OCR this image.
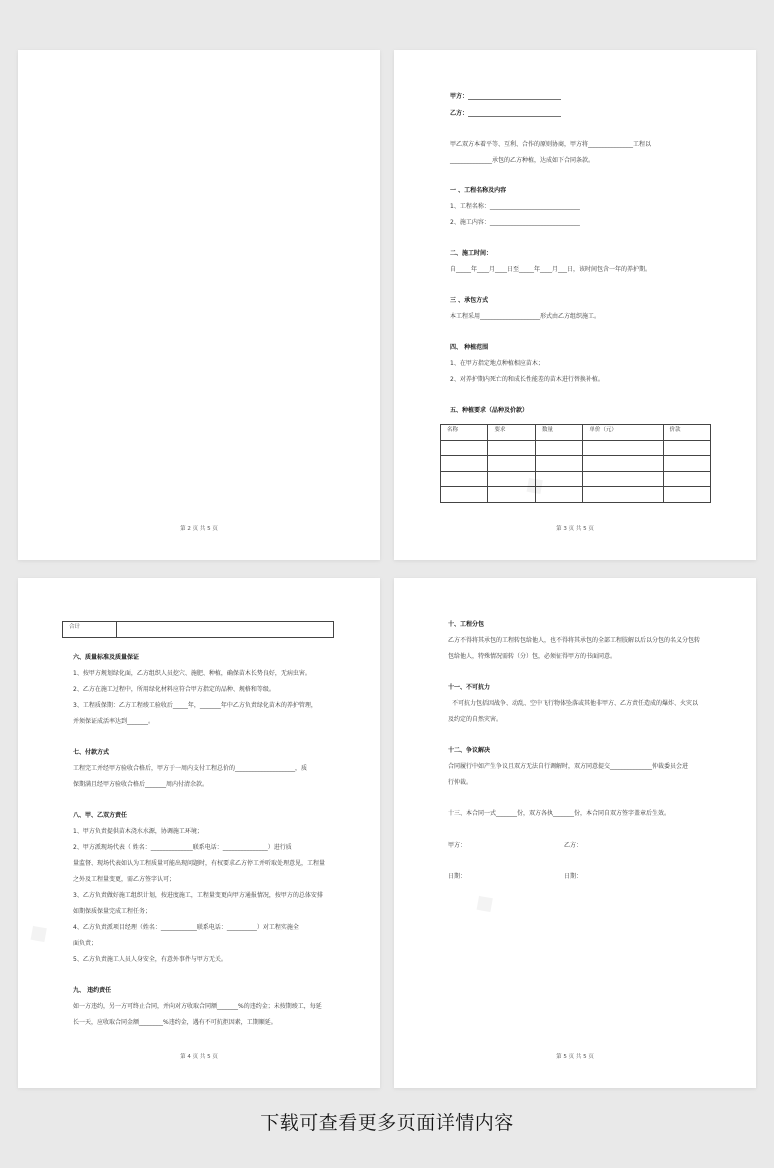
第 2 页 共 5 页
甲方：_______________________________
乙方：_______________________________
甲乙双方本着平等、互利、合作的原则协商，甲方将_______________工程以
______________承包的乙方种植，达成如下合同条款。
一 、工程名称及内容
1、工程名称：______________________________
2、施工内容：______________________________
二、施工时间：
自_____年____月____日至_____年____月___日，该时间包含一年的养护期。
三 、承包方式
本工程采用____________________形式由乙方组织施工。
四、 种植范围
1、在甲方指定地点种植相应苗木；
2、对养护期内死亡的和成长性能差的苗木进行替换补植。
五、种植要求（品种及价款）
名称	要求	数量	单价（元）	价款

第 3 页 共 5 页
合计	
六、质量标准及质量保证
1、按甲方规划绿化面，乙方组织人员挖穴、施肥、种植，确保苗木长势良好，无病虫害。
2、乙方在施工过程中，所用绿化材料应符合甲方指定的品种、规格和等级。
3、工程质保期：乙方工程竣工验收后_____年，_______年中乙方负责绿化苗木的养护管理，
并须保证成活率达到_______。
七、付款方式
工程完工并经甲方验收合格后，甲方于一周内支付工程总价的____________________，质
保期满且经甲方验收合格后_______周内付清余款。
八、甲、乙双方责任
1、甲方负责提供苗木浇水水源，协调施工环境；
2、甲方派现场代表（ 姓名：______________联系电话：_______________）进行质
量监督、现场代表如认为工程质量可能出现问题时，有权要求乙方停工并听取处理意见，工程量
之外及工程量变更，需乙方签字认可；
3、乙方负责做好施工组织计划，按进度施工，工程量变更向甲方通报情况，按甲方的总体安排
如期保质保量完成工程任务；
4、乙方负责派项目经理（姓名：____________联系电话：__________）对工程实施全
面负责；
5、乙方负责施工人员人身安全，有意外事件与甲方无关。
九、 违约责任
如一方违约，另一方可终止合同，并向对方收取合同额_______%的违约金；未按期竣工，每延
长一天，应收取合同金额________%违约金，遇有不可抗拒因素，工期顺延。
第 4 页 共 5 页
十、工程分包
乙方不得将其承包的工程转包给他人，也不得将其承包的全部工程肢解以后以分包的名义分包转
包给他人，特殊情况需转（分）包，必须征得甲方的书面同意。
十一、不可抗力
不可抗力包括因战争、动乱、空中飞行物体坠落或其他非甲方、乙方责任造成的爆炸、火灾以
及约定的自然灾害。
十二、争议解决
合同履行中如产生争议且双方无法自行调解时，双方同意提交______________仲裁委员会进
行仲裁。
十三、本合同一式_______份，双方各执_______份，本合同自双方签字盖章后生效。
甲方：	乙方：
日期：	日期：
第 5 页 共 5 页
下载可查看更多页面详情内容
